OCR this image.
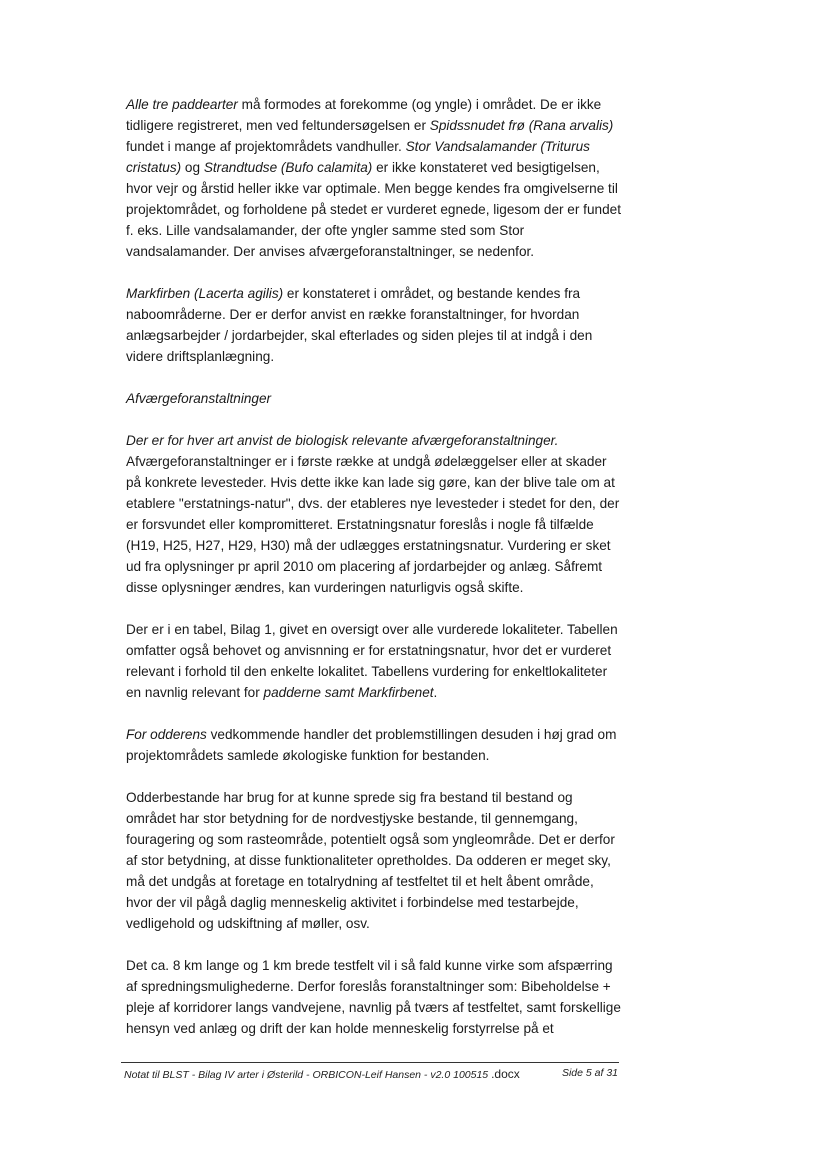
Alle tre paddearter må formodes at forekomme (og yngle) i området. De er ikke tidligere registreret, men ved feltundersøgelsen er Spidssnudet frø (Rana arvalis) fundet i mange af projektområdets vandhuller. Stor Vandsalamander (Triturus cristatus) og Strandtudse (Bufo calamita) er ikke konstateret ved besigtigelsen, hvor vejr og årstid heller ikke var optimale. Men begge kendes fra omgivelserne til projektområdet, og forholdene på stedet er vurderet egnede, ligesom der er fundet f. eks. Lille vandsalamander, der ofte yngler samme sted som Stor vandsalamander. Der anvises afværgeforanstaltninger, se nedenfor.
Markfirben (Lacerta agilis) er konstateret i området, og bestande kendes fra naboområderne. Der er derfor anvist en række foranstaltninger, for hvordan anlægsarbejder / jordarbejder, skal efterlades og siden plejes til at indgå i den videre driftsplanlægning.
Afværgeforanstaltninger

Der er for hver art anvist de biologisk relevante afværgeforanstaltninger.

Afværgeforanstaltninger er i første række at undgå ødelæggelser eller at skader på konkrete levesteder. Hvis dette ikke kan lade sig gøre, kan der blive tale om at etablere "erstatnings-natur", dvs. der etableres nye levesteder i stedet for den, der er forsvundet eller kompromitteret. Erstatningsnatur foreslås i nogle få tilfælde (H19, H25, H27, H29, H30) må der udlægges erstatningsnatur. Vurdering er sket ud fra oplysninger pr april 2010 om placering af jordarbejder og anlæg. Såfremt disse oplysninger ændres, kan vurderingen naturligvis også skifte.

Der er i en tabel, Bilag 1, givet en oversigt over alle vurderede lokaliteter. Tabellen omfatter også behovet og anvisnning er for erstatningsnatur, hvor det er vurderet relevant i forhold til den enkelte lokalitet. Tabellens vurdering for enkeltlokaliteter en navnlig relevant for padderne samt Markfirbenet.
For odderens vedkommende handler det problemstillingen desuden i høj grad om projektområdets samlede økologiske funktion for bestanden.
Odderbestande har brug for at kunne sprede sig fra bestand til bestand og området har stor betydning for de nordvestjyske bestande, til gennemgang, fouragering og som rasteområde, potentielt også som yngleområde. Det er derfor af stor betydning, at disse funktionaliteter opretholdes. Da odderen er meget sky, må det undgås at foretage en totalrydning af testfeltet til et helt åbent område, hvor der vil pågå daglig menneskelig aktivitet i forbindelse med testarbejde, vedligehold og udskiftning af møller, osv.
Det ca. 8 km lange og 1 km brede testfelt vil i så fald kunne virke som afspærring af spredningsmulighederne. Derfor foreslås foranstaltninger som: Bibeholdelse + pleje af korridorer langs vandvejene, navnlig på tværs af testfeltet, samt forskellige hensyn ved anlæg og drift der kan holde menneskelig forstyrrelse på et
Notat til BLST - Bilag IV arter i Østerild - ORBICON-Leif Hansen - v2.0 100515 .docx	Side 5 af 31
